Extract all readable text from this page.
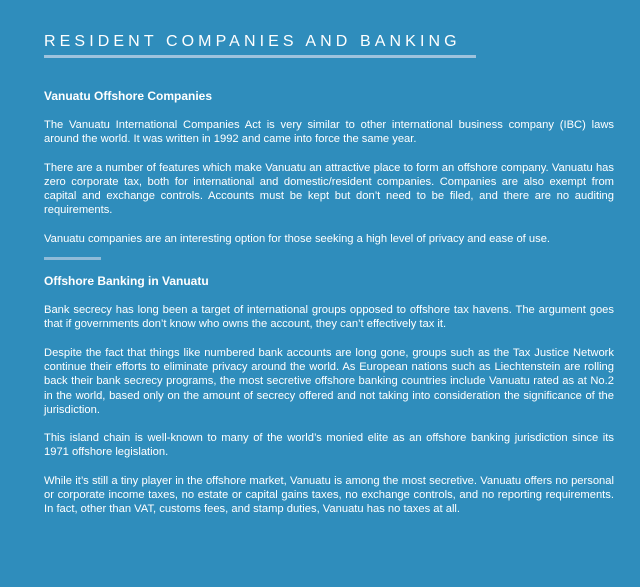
RESIDENT COMPANIES AND BANKING
Vanuatu Offshore Companies

The Vanuatu International Companies Act is very similar to other international business company (IBC) laws around the world. It was written in 1992 and came into force the same year.

There are a number of features which make Vanuatu an attractive place to form an offshore company. Vanuatu has zero corporate tax, both for international and domestic/resident companies. Companies are also exempt from capital and exchange controls. Accounts must be kept but don’t need to be filed, and there are no auditing requirements.

Vanuatu companies are an interesting option for those seeking a high level of privacy and ease of use.

Offshore Banking in Vanuatu

Bank secrecy has long been a target of international groups opposed to offshore tax havens. The argument goes that if governments don’t know who owns the account, they can’t effectively tax it.

Despite the fact that things like numbered bank accounts are long gone, groups such as the Tax Justice Network continue their efforts to eliminate privacy around the world. As European nations such as Liechtenstein are rolling back their bank secrecy programs, the most secretive offshore banking countries include Vanuatu rated as at No.2 in the world, based only on the amount of secrecy offered and not taking into consideration the significance of the jurisdiction.

This island chain is well-known to many of the world’s monied elite as an offshore banking jurisdiction since its 1971 offshore legislation.

While it’s still a tiny player in the offshore market, Vanuatu is among the most secretive. Vanuatu offers no personal or corporate income taxes, no estate or capital gains taxes, no exchange controls, and no reporting requirements. In fact, other than VAT, customs fees, and stamp duties, Vanuatu has no taxes at all.
